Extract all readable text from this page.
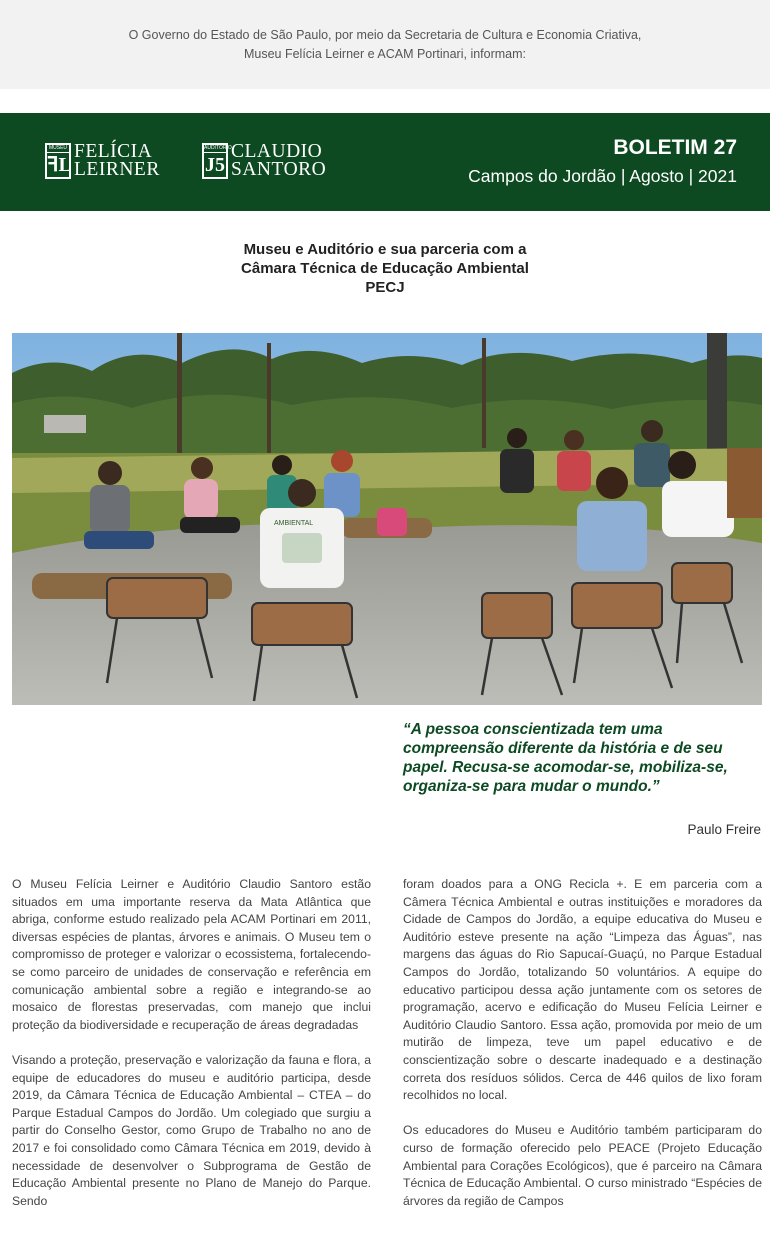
O Governo do Estado de São Paulo, por meio da Secretaria de Cultura e Economia Criativa,
Museu Felícia Leirner e ACAM Portinari, informam:
MUSEU
ꟻL
FELÍCIA
LEIRNER
AUDITÓRIO
J5
CLAUDIO
SANTORO
BOLETIM 27
Campos do Jordão | Agosto | 2021
Museu e Auditório e sua parceria com a
Câmara Técnica de Educação Ambiental
PECJ
AMBIENTAL
“A pessoa conscientizada tem uma compreensão diferente da história e de seu papel. Recusa-se acomodar-se, mobiliza-se, organiza-se para mudar o mundo.”
Paulo Freire

O Museu Felícia Leirner e Auditório Claudio Santoro estão situados em uma importante reserva da Mata Atlântica que abriga, conforme estudo realizado pela ACAM Portinari em 2011, diversas espécies de plantas, árvores e animais. O Museu tem o compromisso de proteger e valorizar o ecossistema, fortalecendo-se como parceiro de unidades de conservação e referência em comunicação ambiental sobre a região e integrando-se ao mosaico de florestas preservadas, com manejo que inclui proteção da biodiversidade e recuperação de áreas degradadas

Visando a proteção, preservação e valorização da fauna e flora, a equipe de educadores do museu e auditório participa, desde 2019, da Câmara Técnica de Educação Ambiental – CTEA – do Parque Estadual Campos do Jordão. Um colegiado que surgiu a partir do Conselho Gestor, como Grupo de Trabalho no ano de 2017 e foi consolidado como Câmara Técnica em 2019, devido à necessidade de desenvolver o Subprograma de Gestão de Educação Ambiental presente no Plano de Manejo do Parque. Sendo

foram doados para a ONG Recicla +. E em parceria com a Câmera Técnica Ambiental e outras instituições e moradores da Cidade de Campos do Jordão, a equipe educativa do Museu e Auditório esteve presente na ação “Limpeza das Águas”, nas margens das águas do Rio Sapucaí-Guaçú, no Parque Estadual Campos do Jordão, totalizando 50 voluntários. A equipe do educativo participou dessa ação juntamente com os setores de programação, acervo e edificação do Museu Felícia Leirner e Auditório Claudio Santoro. Essa ação, promovida por meio de um mutirão de limpeza, teve um papel educativo e de conscientização sobre o descarte inadequado e a destinação correta dos resíduos sólidos. Cerca de 446 quilos de lixo foram recolhidos no local.

Os educadores do Museu e Auditório também participaram do curso de formação oferecido pelo PEACE (Projeto Educação Ambiental para Corações Ecológicos), que é parceiro na Câmara Técnica de Educação Ambiental. O curso ministrado “Espécies de árvores da região de Campos
